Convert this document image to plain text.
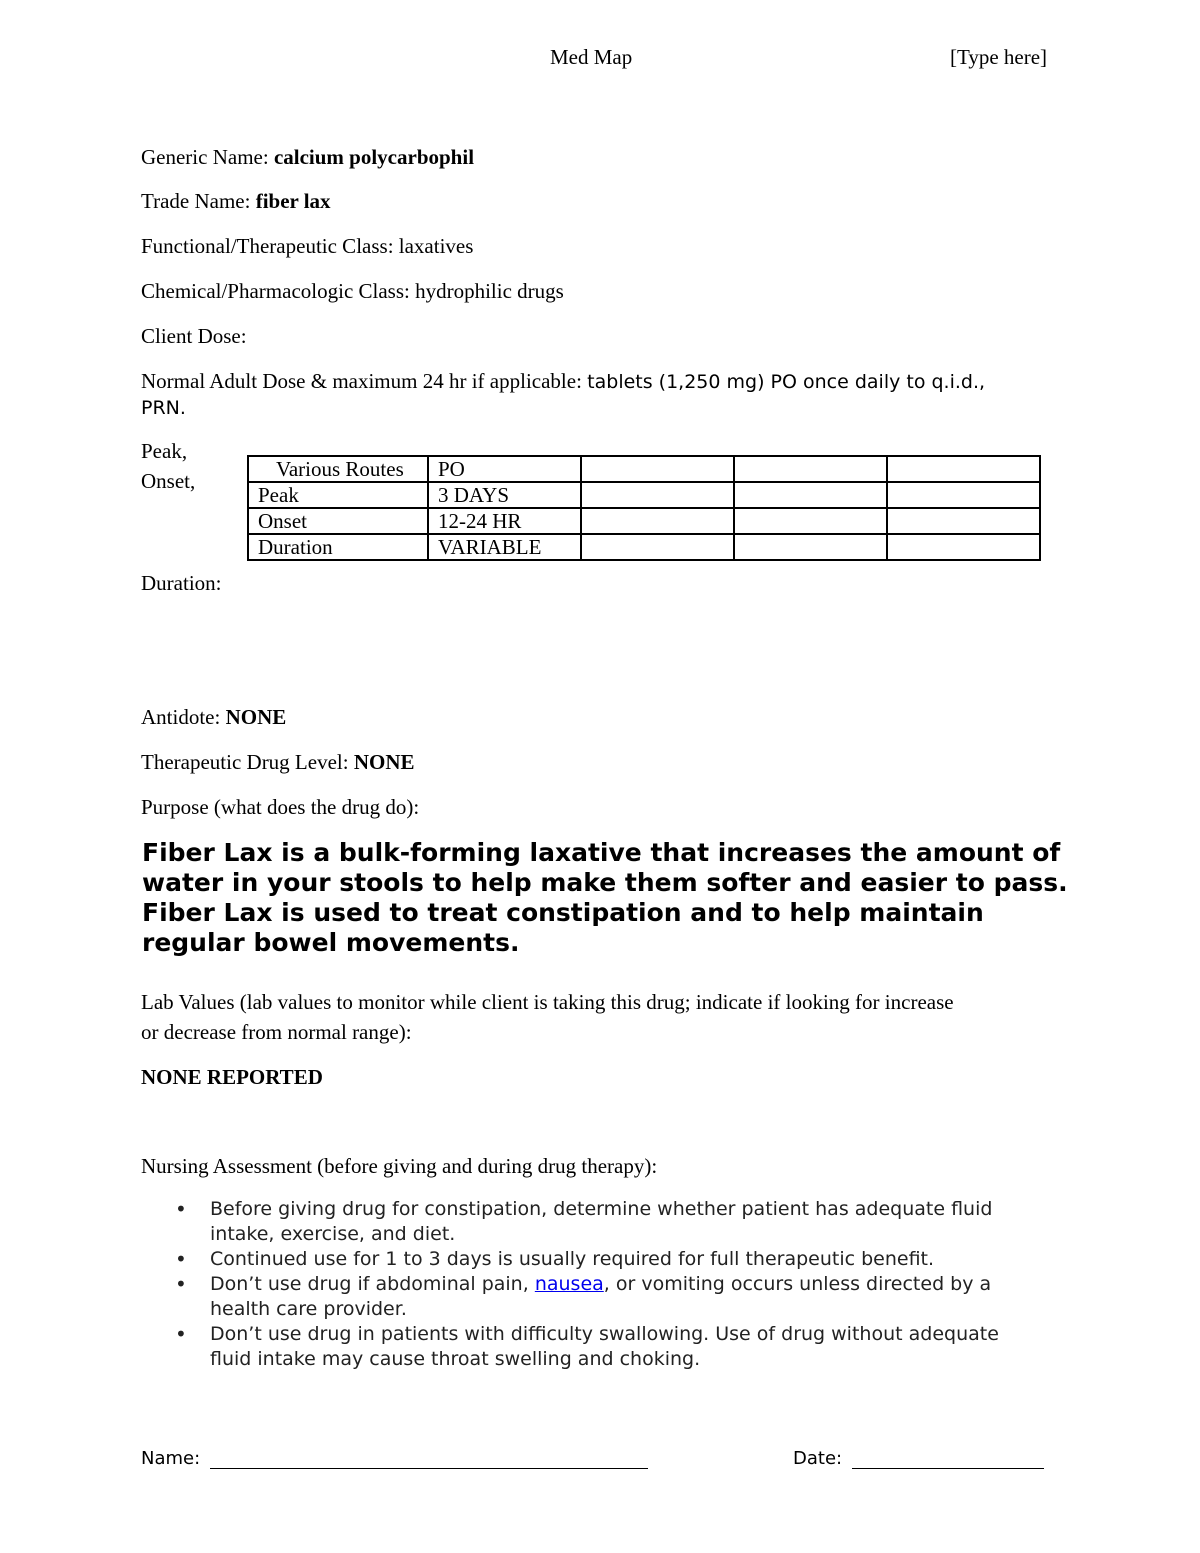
Med Map	[Type here]
Generic Name: calcium polycarbophil
Trade Name: fiber lax
Functional/Therapeutic Class: laxatives
Chemical/Pharmacologic Class: hydrophilic drugs
Client Dose:
Normal Adult Dose & maximum 24 hr if applicable: tablets (1,250 mg) PO once daily to q.i.d.,
PRN.
Peak,
Onset,	Various Routes	PO			
Peak	3 DAYS			
Onset	12-24 HR			
Duration	VARIABLE			
Duration:
Antidote: NONE
Therapeutic Drug Level: NONE
Purpose (what does the drug do):
Fiber Lax is a bulk-forming laxative that increases the amount of water in your stools to help make them softer and easier to pass. Fiber Lax is used to treat constipation and to help maintain regular bowel movements.
Lab Values (lab values to monitor while client is taking this drug; indicate if looking for increase
or decrease from normal range):
NONE REPORTED
Nursing Assessment (before giving and during drug therapy):
• Before giving drug for constipation, determine whether patient has adequate fluid intake, exercise, and diet.
• Continued use for 1 to 3 days is usually required for full therapeutic benefit.
• Don’t use drug if abdominal pain, nausea, or vomiting occurs unless directed by a health care provider.
• Don’t use drug in patients with difficulty swallowing. Use of drug without adequate fluid intake may cause throat swelling and choking.
Name:	Date:
